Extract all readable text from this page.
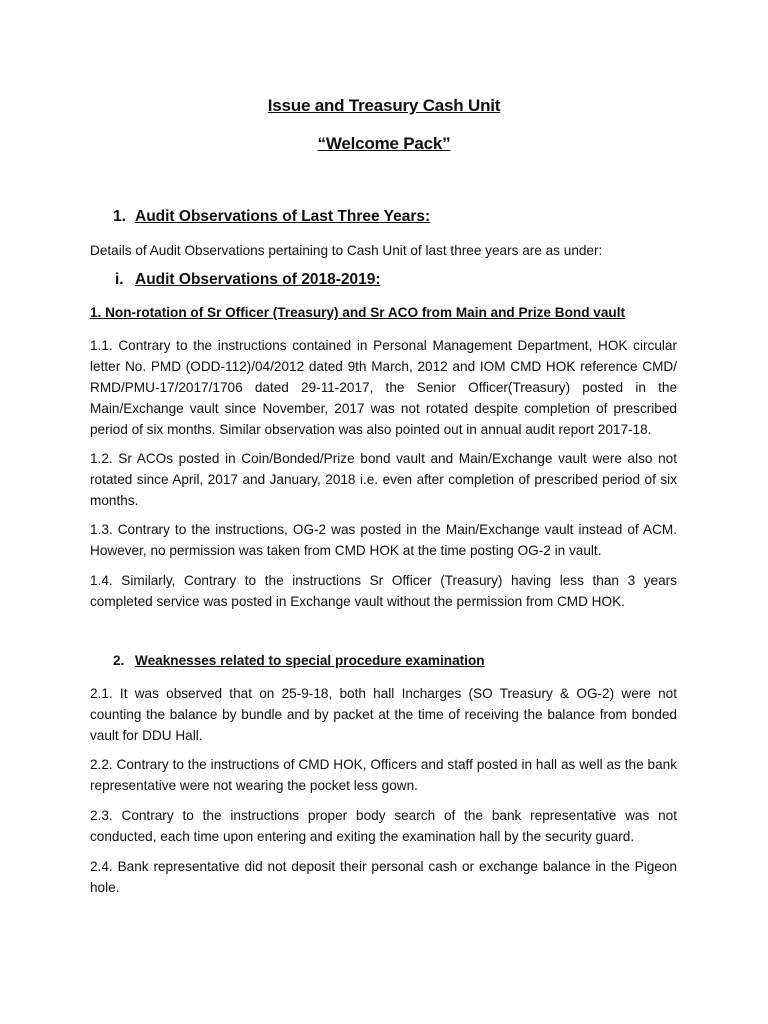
Issue and Treasury Cash Unit
“Welcome Pack”
1. Audit Observations of Last Three Years:
Details of Audit Observations pertaining to Cash Unit of last three years are as under:
i. Audit Observations of 2018-2019:
1. Non-rotation of Sr Officer (Treasury) and Sr ACO from Main and Prize Bond vault
1.1. Contrary to the instructions contained in Personal Management Department, HOK circular letter No. PMD (ODD-112)/04/2012 dated 9th March, 2012 and IOM CMD HOK reference CMD/ RMD/PMU-17/2017/1706 dated 29-11-2017, the Senior Officer(Treasury) posted in the Main/Exchange vault since November, 2017 was not rotated despite completion of prescribed period of six months. Similar observation was also pointed out in annual audit report 2017-18.
1.2. Sr ACOs posted in Coin/Bonded/Prize bond vault and Main/Exchange vault were also not rotated since April, 2017 and January, 2018 i.e. even after completion of prescribed period of six months.
1.3. Contrary to the instructions, OG-2 was posted in the Main/Exchange vault instead of ACM. However, no permission was taken from CMD HOK at the time posting OG-2 in vault.
1.4. Similarly, Contrary to the instructions Sr Officer (Treasury) having less than 3 years completed service was posted in Exchange vault without the permission from CMD HOK.
2. Weaknesses related to special procedure examination
2.1. It was observed that on 25-9-18, both hall Incharges (SO Treasury & OG-2) were not counting the balance by bundle and by packet at the time of receiving the balance from bonded vault for DDU Hall.
2.2. Contrary to the instructions of CMD HOK, Officers and staff posted in hall as well as the bank representative were not wearing the pocket less gown.
2.3. Contrary to the instructions proper body search of the bank representative was not conducted, each time upon entering and exiting the examination hall by the security guard.
2.4. Bank representative did not deposit their personal cash or exchange balance in the Pigeon hole.
